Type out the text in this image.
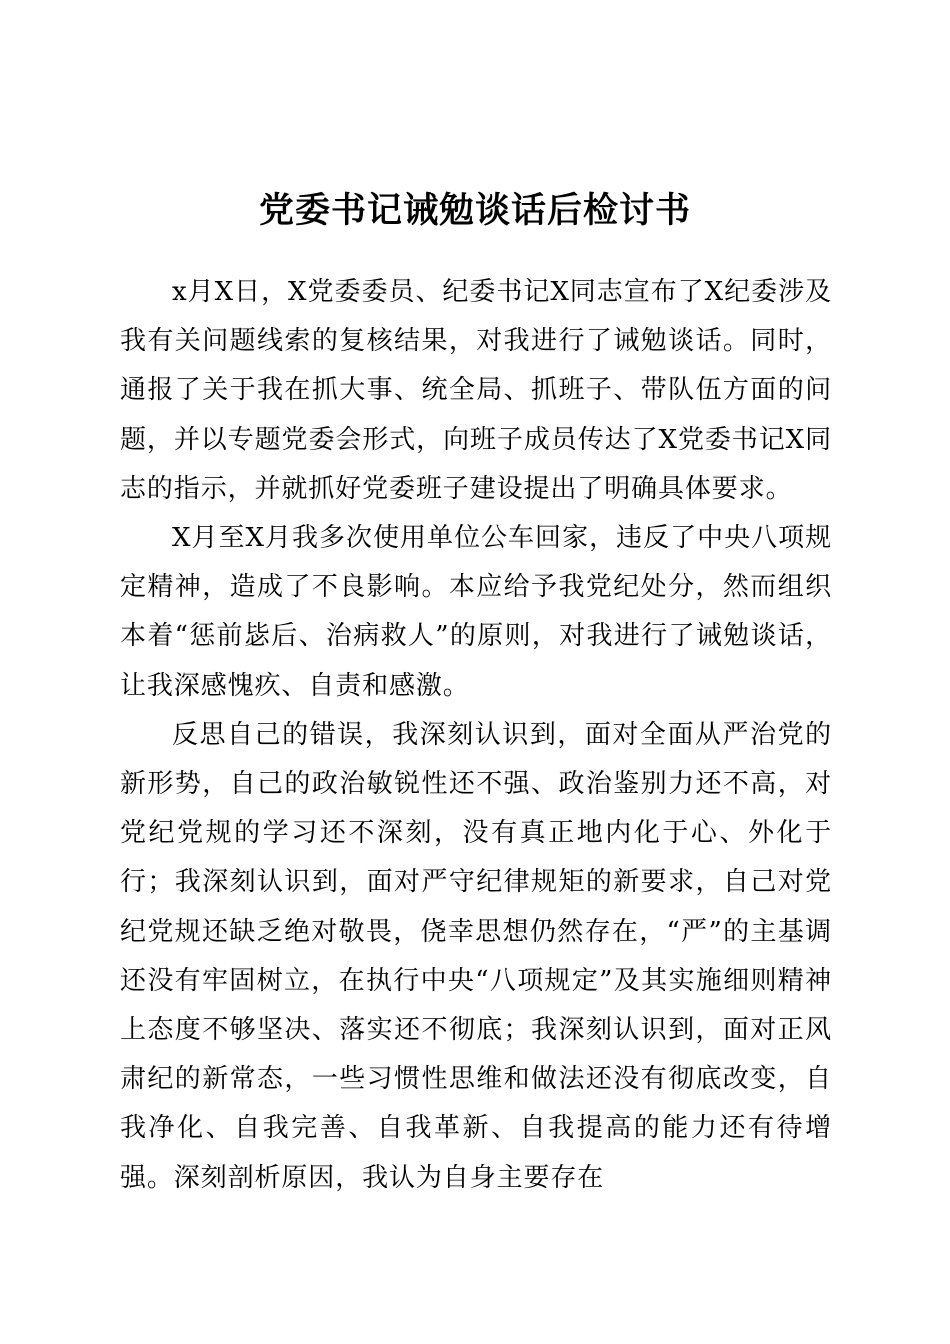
党委书记诫勉谈话后检讨书

x月X日，X党委委员、纪委书记X同志宣布了X纪委涉及我有关问题线索的复核结果，对我进行了诫勉谈话。同时，通报了关于我在抓大事、统全局、抓班子、带队伍方面的问题，并以专题党委会形式，向班子成员传达了X党委书记X同志的指示，并就抓好党委班子建设提出了明确具体要求。

X月至X月我多次使用单位公车回家，违反了中央八项规定精神，造成了不良影响。本应给予我党纪处分，然而组织本着“惩前毖后、治病救人”的原则，对我进行了诫勉谈话，让我深感愧疚、自责和感激。

反思自己的错误，我深刻认识到，面对全面从严治党的新形势，自己的政治敏锐性还不强、政治鉴别力还不高，对党纪党规的学习还不深刻，没有真正地内化于心、外化于行；我深刻认识到，面对严守纪律规矩的新要求，自己对党纪党规还缺乏绝对敬畏，侥幸思想仍然存在，“严”的主基调还没有牢固树立，在执行中央“八项规定”及其实施细则精神上态度不够坚决、落实还不彻底；我深刻认识到，面对正风肃纪的新常态，一些习惯性思维和做法还没有彻底改变，自我净化、自我完善、自我革新、自我提高的能力还有待增强。深刻剖析原因，我认为自身主要存在
